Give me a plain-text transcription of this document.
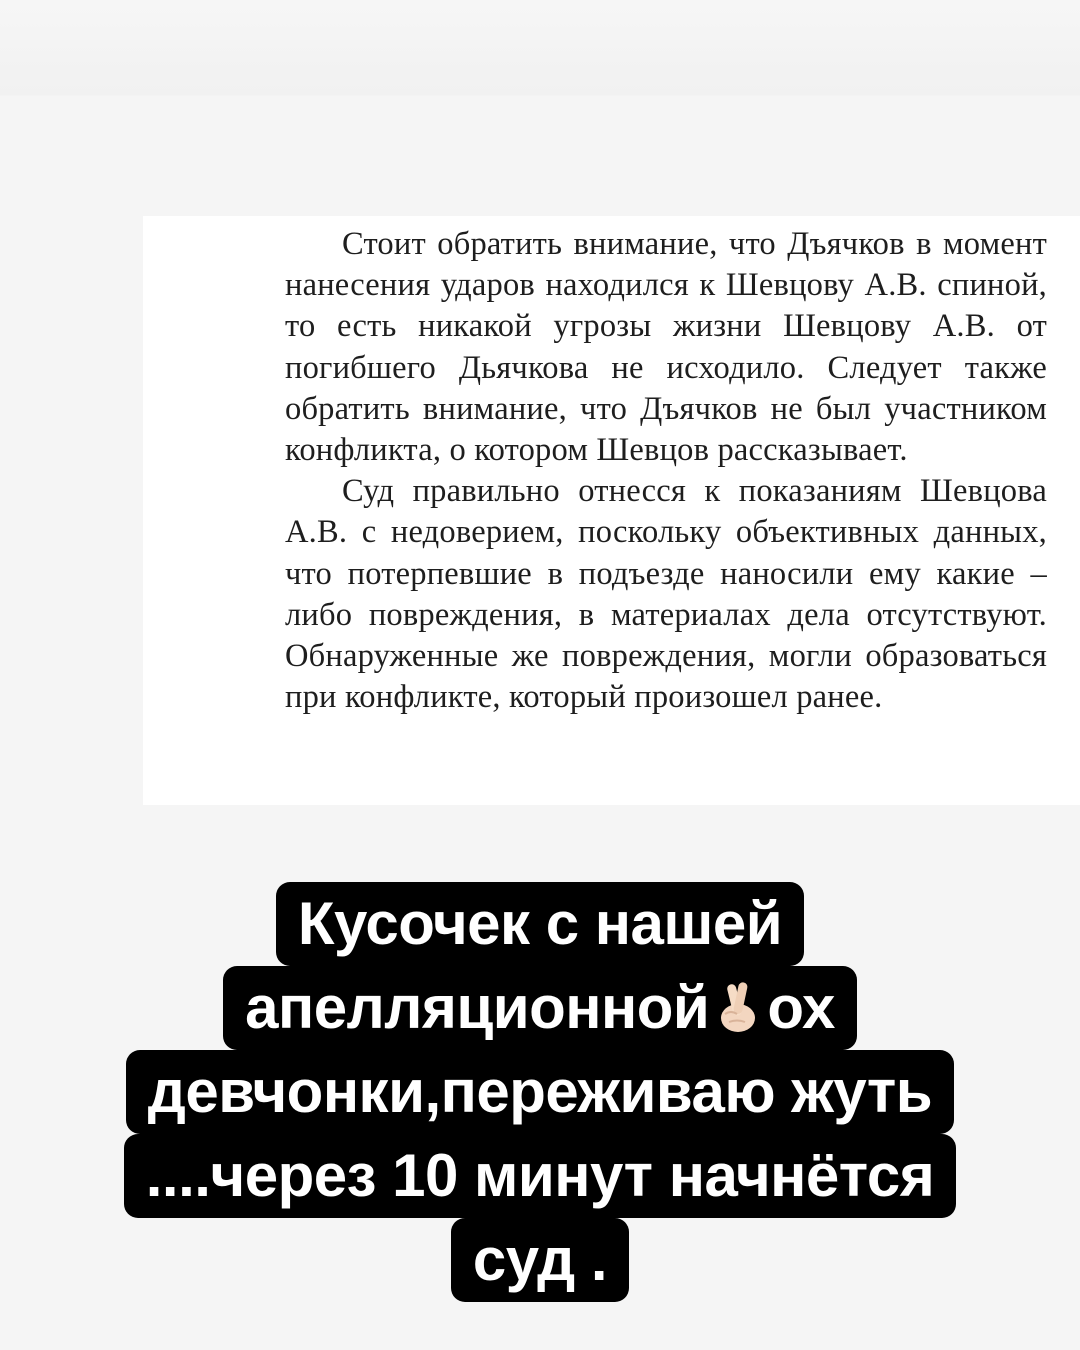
Стоит обратить внимание, что Дъячков в момент нанесения ударов находился к Шевцову А.В. спиной, то есть никакой угрозы жизни Шевцову А.В. от погибшего Дьячкова не исходило. Следует также обратить внимание, что Дъячков не был участником конфликта, о котором Шевцов рассказывает.

Суд правильно отнесся к показаниям Шевцова А.В. с недоверием, поскольку объективных данных, что потерпевшие в подъезде наносили ему какие – либо повреждения, в материалах дела отсутствуют. Обнаруженные же повреждения, могли образоваться при конфликте, который произошел ранее.

Кусочек с нашей
апелляционной ох
девчонки,переживаю жуть
....через 10 минут начнётся
суд .
